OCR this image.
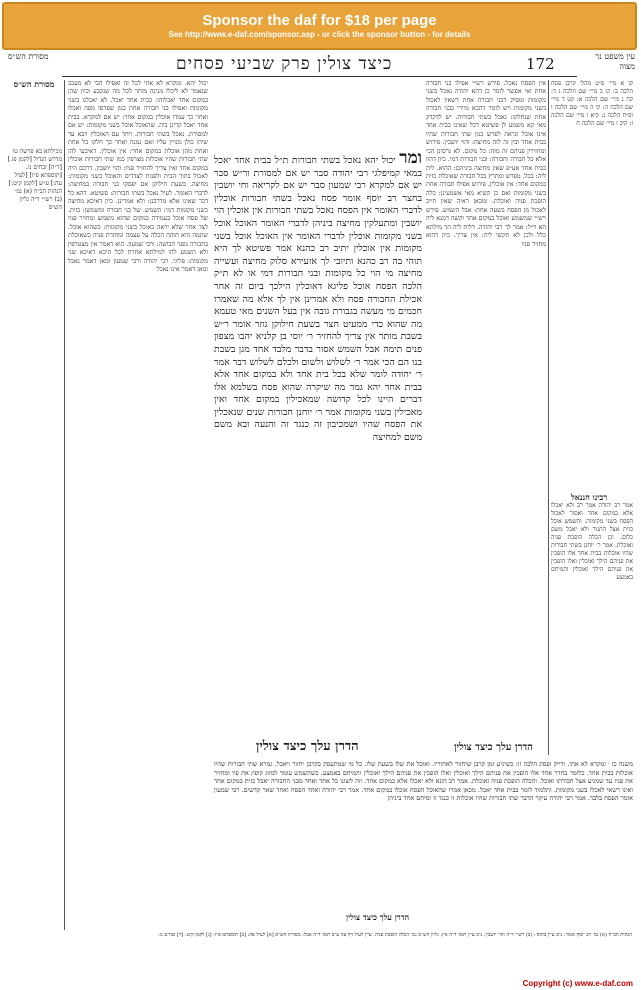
Sponsor the daf for $18 per page
See http://www.e-daf.com/sponsor.asp - or click the sponsor button - for details
מסורת הש״ס	כיצד צולין פרק שביעי פסחים	172	עין משפט נר מצוה
מסורת הש״ס
מכילתא בא פרשה טו מדרש הגדול [לקמן פו.] [ד״ה] זבחים נו. [תוספתא פ״ו] [לעיל עה:] ע״ש [לקמן קיט:] הגהות הב״ח (א) גמ׳ (ב) רש״י ד״ה גליון הש״ס

יכול יהא. ומקרא לא אתי לכל זה ואפילו הכי לא מעכב שנאמר לא ליכלו מנינה מותר לכל מה שנקבע וכיון שהן במקום אחד יאכלוהו: בבית אחד יאכל. לא יאכלנו בשני מקומות ואפילו בני חבורה אחת כגון שפרסו מפה ואכלו ואחר כך עמדו אוכלין במקום אחר: יש אם למקרא. בבית אחד יאכל קרינן ביה. שהאוכל אוכל בשני מקומות: יש אם למסורת. נאכל בשתי חבורות. ויחד עם האוכלין ויבא עד שיהו כולן מנויין עליו ואם נמנה ואחר כך חלקו כל אחת ואחת מהן אוכלת במקום אחר: אין אוכלין. דאיבעי להו שתי חבורות שהיו אוכלות מצרפין כמו שתי חבורות אוכלין במקום אחד ואין צריך להחזיר פניו: והוי יושבין. דרכם היה לאכול בתוך הבית ולפנות לצדדים והאוכל בשני מקומות: מחיצה. בשעת חילוקן אם יפסקו בני חבורה במחיצה: לדברי האומר. לעיל נאכל בשתי חבורות: פשיטא. דהא כל דבר שאינו אלא מדרבנן: ולא אמרינן. כיון דאיכא מחיצה כשני מקומות דמי: השמש. של בני חבורה ומשמשן: כזית. של פסח אוכל בעמידה במקום שהוא משמש ומחזיר פניו לצד אחר שלא יראה כאוכל בשני מקומות: כשהוא אוכל. שתמה היא תוהה הכלה על עצמה ומחזרת פניה כשאוכלת בחבורה מפני הבושה: ורבי שמעון. הוא דאמר אין מצטרפין ולא תשמע להו למילתא אחרת לכל היכא דאיכא שני מקומות: פליגי. רבי יהודה ורבי שמעון ומאן דאמר נאכל ומאן דאמר אינו נאכל

ומר יכול יהא נאכל בשתי חבורות ת״ל בבית אחד יאכל במאי קמיפלגי רבי יהודה סבר יש אם למסורת ור״ש סבר יש אם למקרא רבי שמעון סבר יש אם לקריאה וחי יושבין בחצר רב יוסף אומר פסח נאכל בשתי חבורות אוכלין לדברי האומר אין הפסח נאכל בשתי חבורות אין אוכלין הוי יושבין ומתעלקין מחיצה ביניהן לדברי האומר האוכל אוכל בשני מקומות אוכלין לדברי האומר אין האוכל אוכל בשני מקומות אין אוכלין יתיב רב כהנא אמר פשיטא לך היא תוהי בה רב כהנא ותיובי לך אזעירא סלוק מחיצה ועשייה מחיצה מי הוי כל מקומות ובני חבורות דמי או לא ת״ק הלכה הפסח אוכל פליגא דאוכלין הילכך ביום זה אחר אכילת החבורה פסח ולא אמרינן אין לך אלא מה שאמרו חכמים מי מעשה בגבורת גובה אין בעל השנים מאי טעמא מה שהוא כדי ממעיט חצר בשעת חילוקן גוזר אומר ר״ש בשבת מותר אין צריך להחזיר ר׳ יוסי בן קלניא יהבו מצפון פנים תימה אבל השמש אסור בדבר מלבד אחד מגן בשבת בנו הם הכי אמר ר׳ לשלוש ולשום ולכלם לשלוש דבר אמר ר׳ יהודה לומר שלא בכל בית אחד ולא במקום אחד אלא בבית אחד יהא גמר מה שיקרה שהוא פסח בשלמא אלו דברים היינו לכל קדושה שמאכילין במקום אחד ואין מאכילין בשני מקומות אמר ר׳ יוחנן חבורות שנים שנאכלין את הפסח שהיו ושמכיבון זה כנגד זה והנעה ובא משם משם למחיצה

אין הפסח נאכל. פירש רש״י אפילו בני חבורה אחת ואי אפשר לומר כן דהא יהודה נאכל בשני מקומות ומסיק דבני חבורה אחת רשאין לאכול בשני מקומות ויש לומר דהכא מיירי בבני חבורה אחת שנחלקו: נאכל בשתי חבורות. יש לדקדק מאי קא משמע לן פשיטא דכל שאינו בבית אחד אינו אוכל ונראה לפרש כגון שתי חבורות שהיו בבית אחד ובין זה לזה מחיצה: והוי יושבין. פירוש ומחזירין פניהם זה מזה: כל מקום. לא גרסינן הכי אלא כל חבורה וחבורה: ובני חבורות דמי. כיון דהוו בבית אחד אע״פ שאין מחיצה ביניהם: ההוא. לית ליה: בכל. מפרש ומתרץ בכל חבורה שאוכלת כזית במקום אחד: אין אוכלין. פירוש אפילו חבורה אחת בשני מקומות ואם כן קשיא מאי אשמעינן: כלה הופכת פניה ואוכלת. ומכאן ראיה שאין חייב לאכול מן הפסח בשעה אחת: אבל השמש. פירש רש״י שמשמש ואוכל במקום אחד וקשה דמנא ליה הא וי״ל: אמר לך רבי יהודה. דלית ליה הך מילתא כלל ולכן לא תקשי ליה: אין צריך. כיון דהוא מחזיר פניו

קו א מיי׳ פ״ט מהל׳ קרבן פסח הלכה ב: קז ב מיי׳ שם הלכה ג ד: קח ג מיי׳ שם הלכה א: קט ד מיי׳ שם הלכה ה: קי ה מיי׳ שם הלכה ו ופ״ח הלכה ג: קיא ו מיי׳ שם הלכה ז: קיב ז מיי׳ שם הלכה ח

רבינו חננאל

אמר רב יהודה אמר רב ולא יאכלו אלא במקום אחד ואסור לאכול הפסח בשני מקומות. והשמש אוכל כזית אצל התנור ולא יאכל משם כלום. וכן הכלה הופכת פניה ואוכלת. אמר ר׳ יוחנן בשתי חבורות שהיו אוכלות בבית אחד אלו הופכין את פניהם הילך ואוכלין ואלו הופכין את פניהם הילך ואוכלין והמיחם באמצע

הדרן עלך כיצד צולין
הדרן עלך כיצד צולין

משנה כו ׳ ומקרא לא אתי. ודייק ופסק הלכה זו: כשיגיע זמן קרבן שיחזור לאחוריו. ואוכל את שלו בשעת שלו. כל מי שמתעסק בקרבן יחזור ויאכל. גמרא שתי חבורות שהיו אוכלות בבית אחד. כלומר בחדר אחד אלו הופכין את פניהם הילך ואוכלין ואלו הופכין את פניהם הילך ואוכלין והמיחם באמצע. כשהשמש עומד למזוג קופץ את פיו ומחזיר את פניו עד שמגיע אצל חבורתו ואוכל. והכלה הופכת פניה ואוכלת. אמר רב הונא ולא יאכלו אלא במקום אחד. וזה לשונו כל אחד ואחד מבני החבורה יאכל כזית במקום אחד ואינו רשאי לאכלו בשני מקומות. ותלמוד לומר בבית אחד יאכל. מכאן אמרו שהאוכל הפסח אוכלו במקום אחד. אמר רבי יהודה ואחד הפסח ואחד שאר קדשים. רבי שמעון אומר הפסח בלבד. אמר רבי יהודה עיקר הדבר שתי חבורות שהיו אוכלות זו כנגד זו ומיחם אחד ביניהן

הדרן עלך כיצד צולין

הגהות הב״ח (א) גמ׳ רב יוסף אומר. נ״ב עיין בתוס׳: (ב) רש״י ד״ה והוי יושבין. נ״ב עיין תוס׳ ד״ה אין: גליון הש״ס גמ׳ הכלה הופכת פניה. עיין לעיל דף עה ע״ב תוס׳ ד״ה אבל: מסורת הש״ס [א] לעיל פה: [ב] תוספתא פ״ו: [ג] לקמן קיט: [ד] זבחים נו:

Copyright (c) www.e-daf.com
